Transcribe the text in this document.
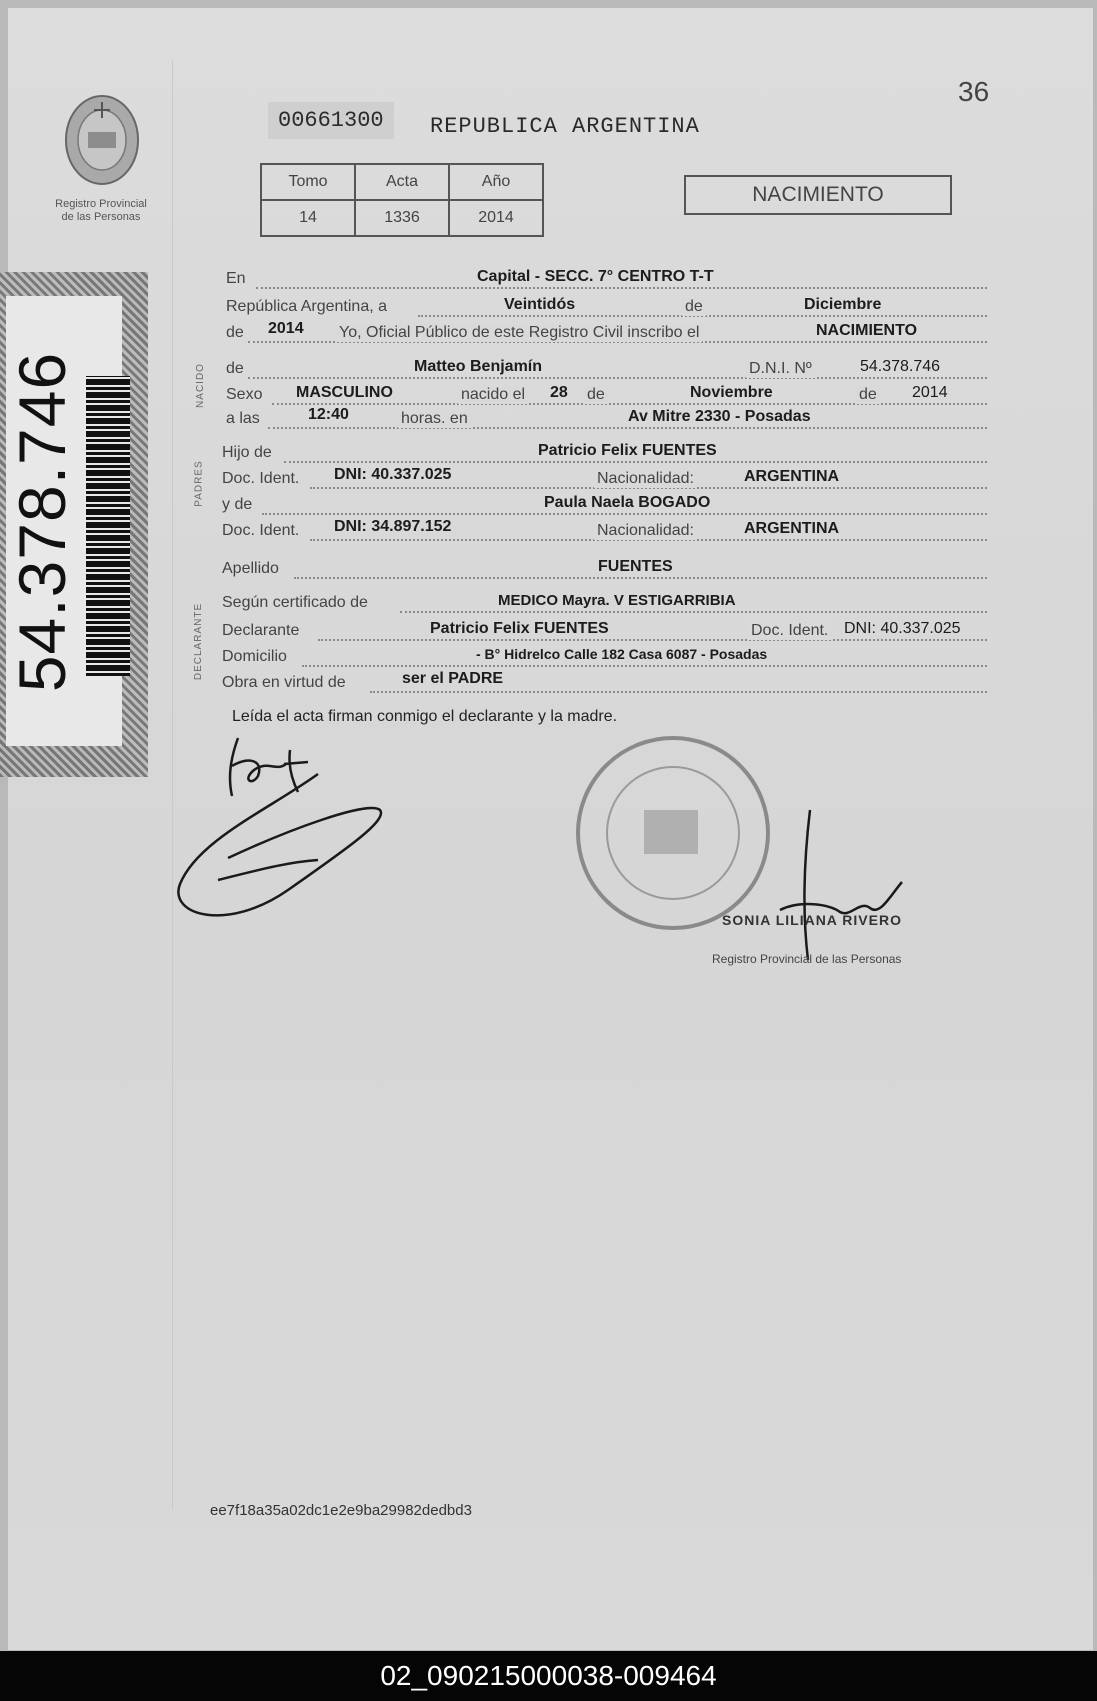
Registro Provincial
de las Personas
54.378.746
36
00661300	REPUBLICA ARGENTINA
Tomo	Acta	Año
14	1336	2014
NACIMIENTO
NACIDO
PADRES
DECLARANTE
En	Capital - SECC. 7° CENTRO T-T
República Argentina, a	Veintidós	de	Diciembre
de 2014 Yo, Oficial Público de este Registro Civil inscribo el	NACIMIENTO
de	Matteo Benjamín	D.N.I. Nº	54.378.746
Sexo MASCULINO	nacido el 28 de	Noviembre	de 2014
a las	12:40	horas. en	Av Mitre 2330 - Posadas
Hijo de	Patricio Felix FUENTES
Doc. Ident. DNI: 40.337.025	Nacionalidad:	ARGENTINA
y de	Paula Naela BOGADO
Doc. Ident. DNI: 34.897.152	Nacionalidad:	ARGENTINA
Apellido	FUENTES
Según certificado de	MEDICO Mayra. V ESTIGARRIBIA
Declarante	Patricio Felix FUENTES	Doc. Ident. DNI: 40.337.025
Domicilio	- B° Hidrelco Calle 182 Casa 6087 - Posadas
Obra en virtud de	ser el PADRE
Leída el acta firman conmigo el declarante y la madre.
SONIA LILIANA RIVERO
Registro Provincial de las Personas
ee7f18a35a02dc1e2e9ba29982dedbd3
02_090215000038-009464
